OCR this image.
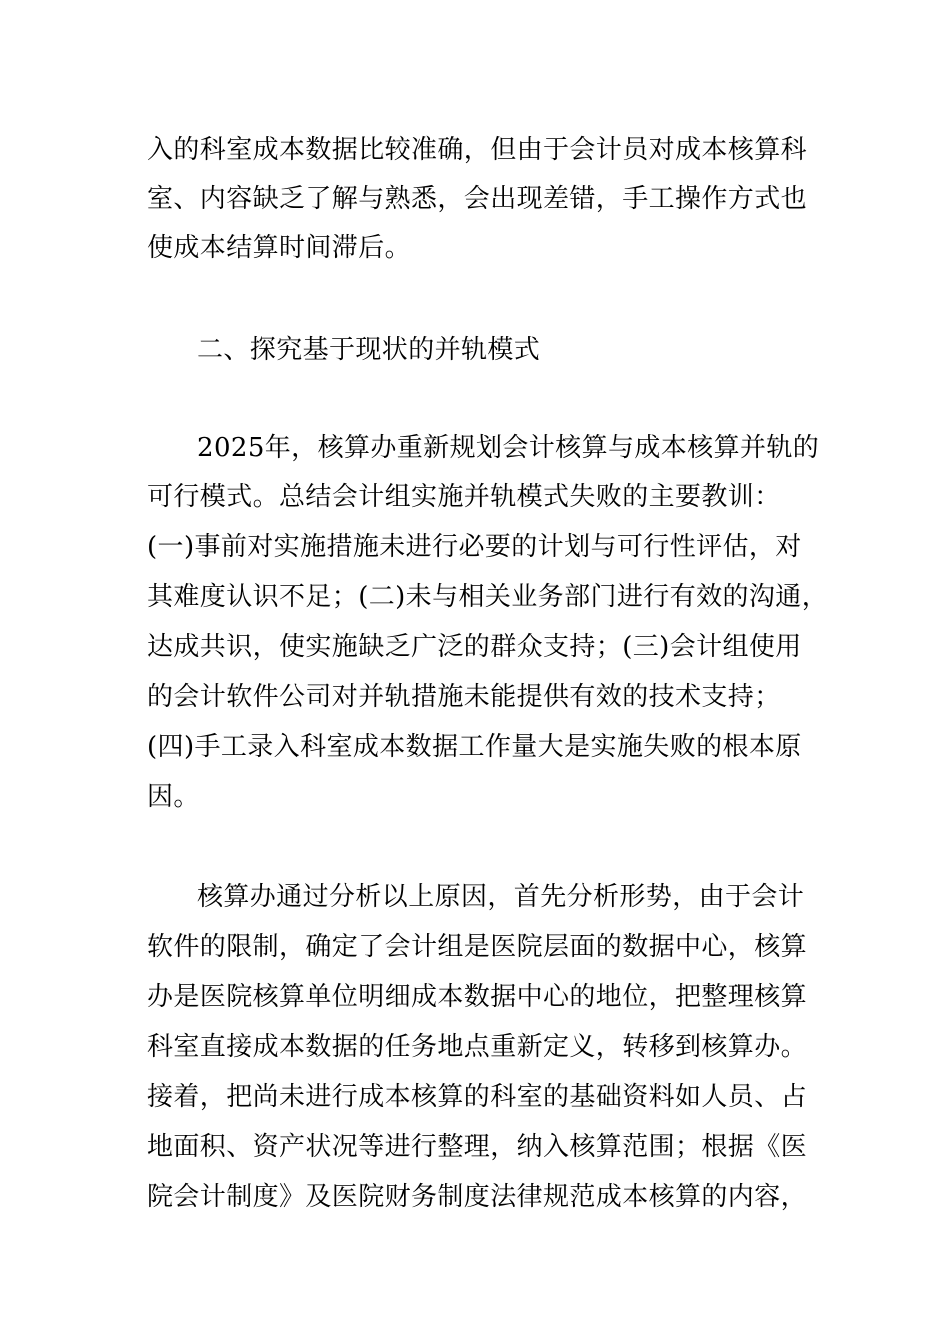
入的科室成本数据比较准确，但由于会计员对成本核算科
室、内容缺乏了解与熟悉，会出现差错，手工操作方式也
使成本结算时间滞后。
二、探究基于现状的并轨模式
2025年，核算办重新规划会计核算与成本核算并轨的
可行模式。总结会计组实施并轨模式失败的主要教训：
(一)事前对实施措施未进行必要的计划与可行性评估，对
其难度认识不足；(二)未与相关业务部门进行有效的沟通，
达成共识，使实施缺乏广泛的群众支持；(三)会计组使用
的会计软件公司对并轨措施未能提供有效的技术支持；
(四)手工录入科室成本数据工作量大是实施失败的根本原
因。
核算办通过分析以上原因，首先分析形势，由于会计
软件的限制，确定了会计组是医院层面的数据中心，核算
办是医院核算单位明细成本数据中心的地位，把整理核算
科室直接成本数据的任务地点重新定义，转移到核算办。
接着，把尚未进行成本核算的科室的基础资料如人员、占
地面积、资产状况等进行整理，纳入核算范围；根据《医
院会计制度》及医院财务制度法律规范成本核算的内容，
